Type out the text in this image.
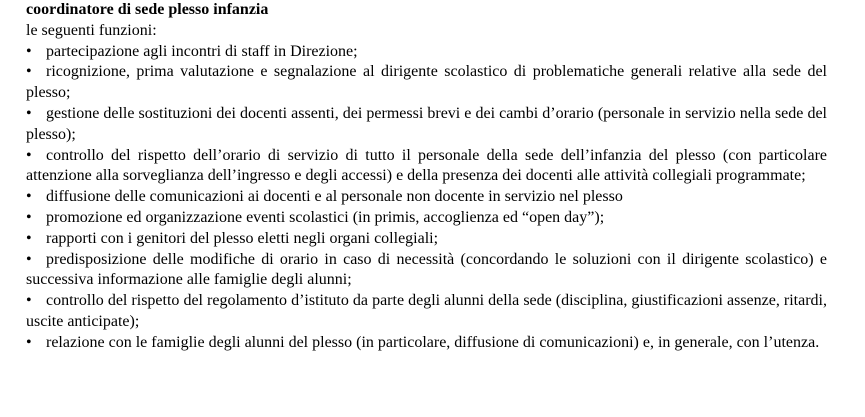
coordinatore di sede plesso infanzia

le seguenti funzioni:

• partecipazione agli incontri di staff in Direzione;
• ricognizione, prima valutazione e segnalazione al dirigente scolastico di problematiche generali relative alla sede del plesso;
• gestione delle sostituzioni dei docenti assenti, dei permessi brevi e dei cambi d’orario (personale in servizio nella sede del plesso);
• controllo del rispetto dell’orario di servizio di tutto il personale della sede dell’infanzia del plesso (con particolare attenzione alla sorveglianza dell’ingresso e degli accessi) e della presenza dei docenti alle attività collegiali programmate;
• diffusione delle comunicazioni ai docenti e al personale non docente in servizio nel plesso
• promozione ed organizzazione eventi scolastici (in primis, accoglienza ed “open day”);
• rapporti con i genitori del plesso eletti negli organi collegiali;
• predisposizione delle modifiche di orario in caso di necessità (concordando le soluzioni con il dirigente scolastico) e successiva informazione alle famiglie degli alunni;
• controllo del rispetto del regolamento d’istituto da parte degli alunni della sede (disciplina, giustificazioni assenze, ritardi, uscite anticipate);
• relazione con le famiglie degli alunni del plesso (in particolare, diffusione di comunicazioni) e, in generale, con l’utenza.
